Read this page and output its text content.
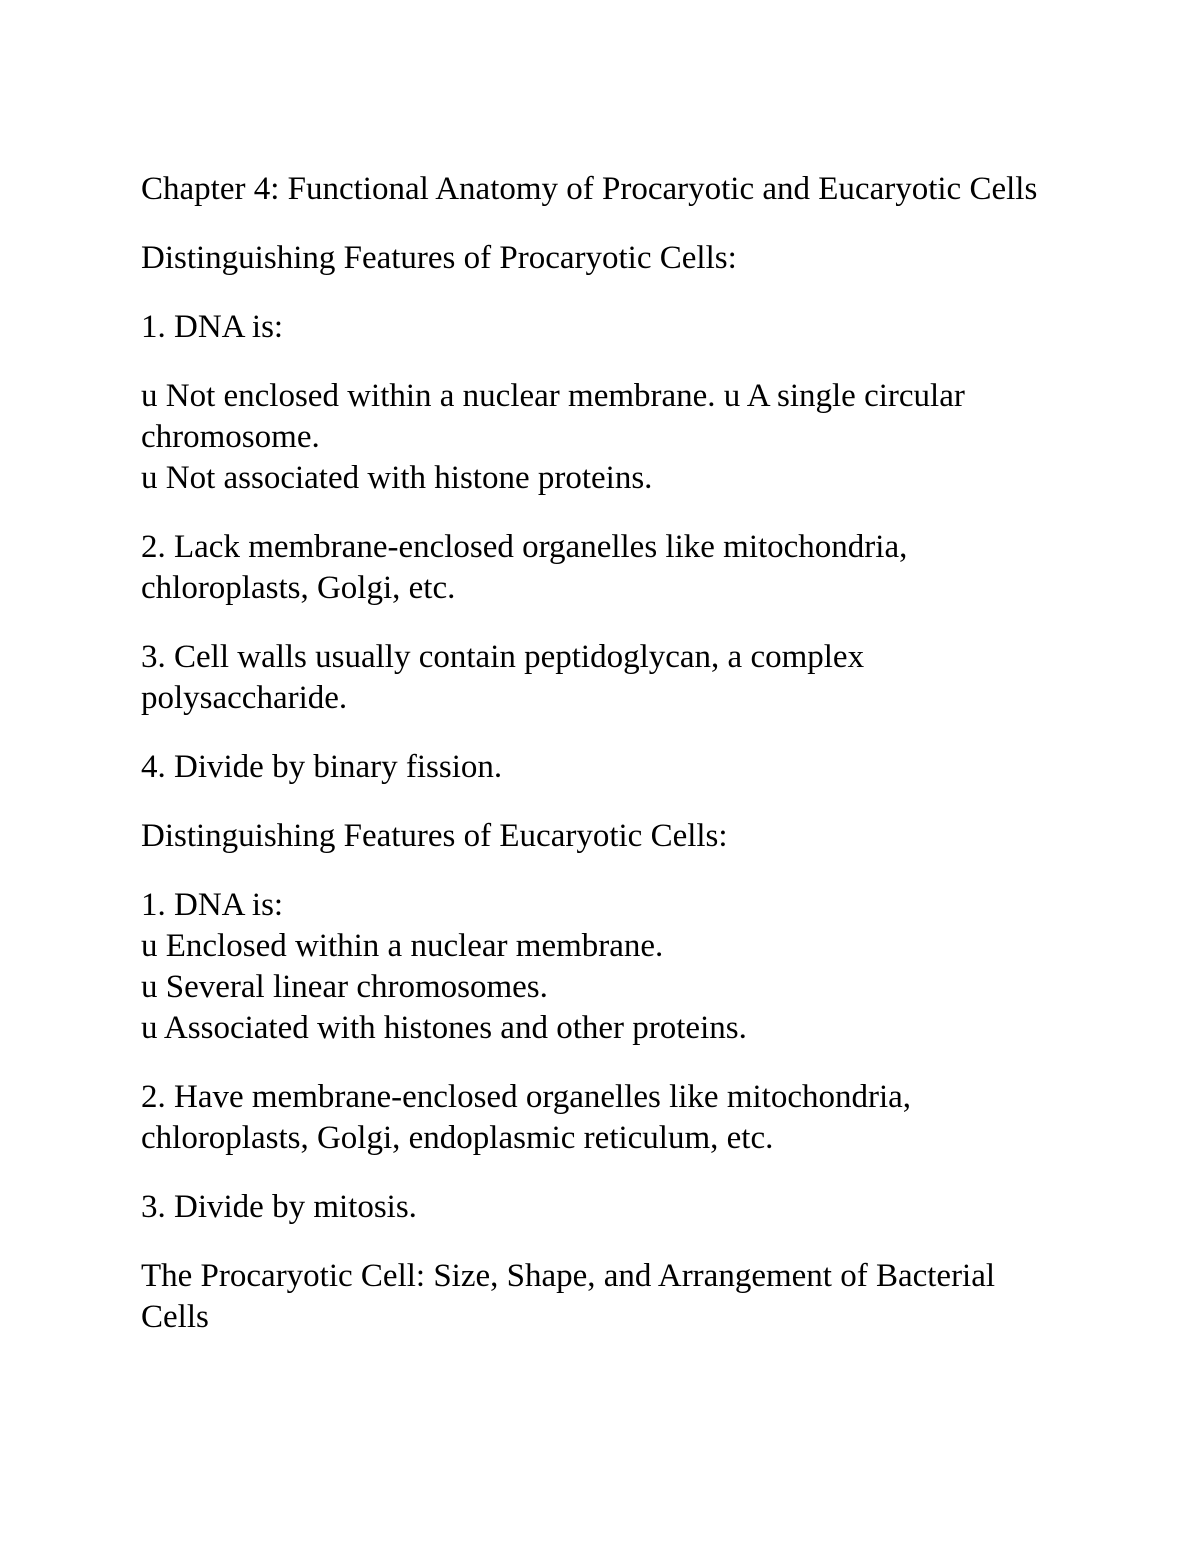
Chapter 4: Functional Anatomy of Procaryotic and Eucaryotic Cells

Distinguishing Features of Procaryotic Cells:

1. DNA is:

u Not enclosed within a nuclear membrane. u A single circular chromosome.
u Not associated with histone proteins.

2. Lack membrane-enclosed organelles like mitochondria, chloroplasts, Golgi, etc.

3. Cell walls usually contain peptidoglycan, a complex polysaccharide.

4. Divide by binary fission.

Distinguishing Features of Eucaryotic Cells:

1. DNA is:
u Enclosed within a nuclear membrane.
u Several linear chromosomes.
u Associated with histones and other proteins.

2. Have membrane-enclosed organelles like mitochondria, chloroplasts, Golgi, endoplasmic reticulum, etc.

3. Divide by mitosis.

The Procaryotic Cell: Size, Shape, and Arrangement of Bacterial Cells
